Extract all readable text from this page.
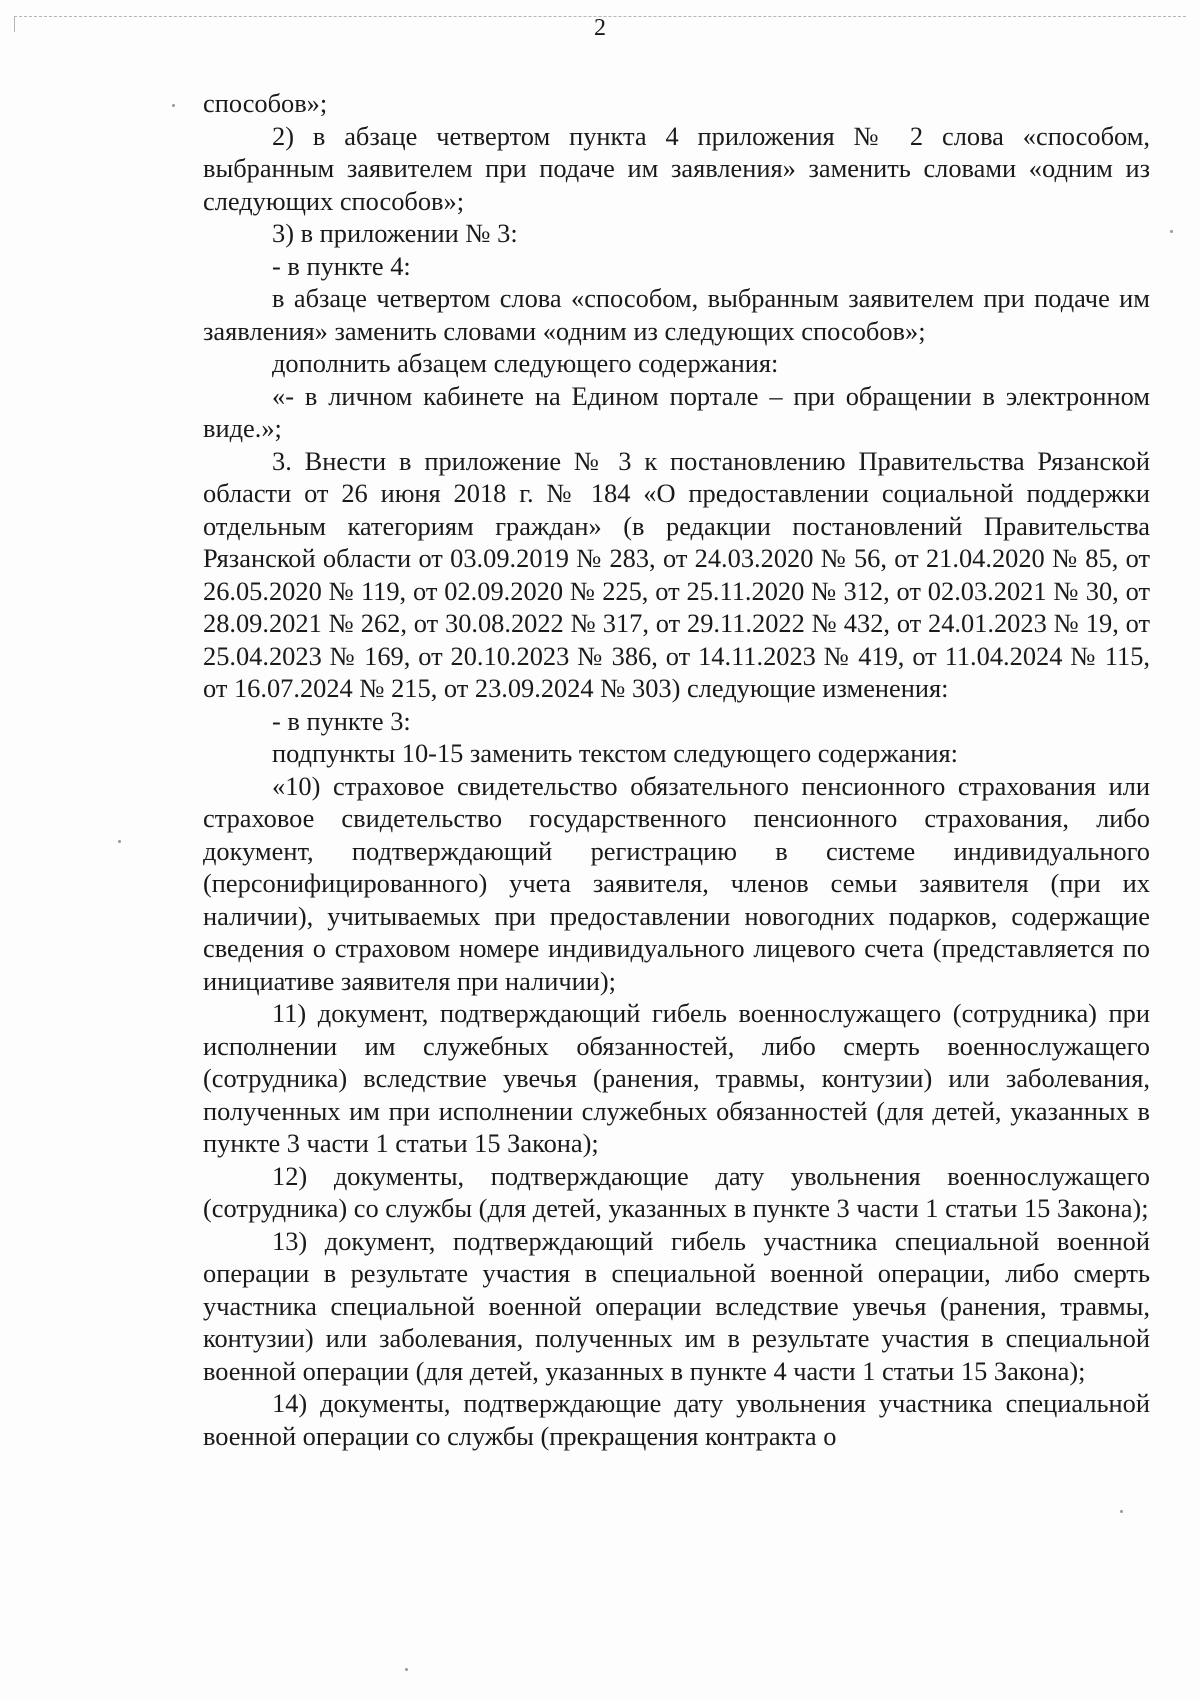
2

способов»;

2) в абзаце четвертом пункта 4 приложения № 2 слова «способом, выбранным заявителем при подаче им заявления» заменить словами «одним из следующих способов»;

3) в приложении № 3:

- в пункте 4:

в абзаце четвертом слова «способом, выбранным заявителем при подаче им заявления» заменить словами «одним из следующих способов»;

дополнить абзацем следующего содержания:

«- в личном кабинете на Едином портале – при обращении в электронном виде.»;

3. Внести в приложение № 3 к постановлению Правительства Рязанской области от 26 июня 2018 г. № 184 «О предоставлении социальной поддержки отдельным категориям граждан» (в редакции постановлений Правительства Рязанской области от 03.09.2019 № 283, от 24.03.2020 № 56, от 21.04.2020 № 85, от 26.05.2020 № 119, от 02.09.2020 № 225, от 25.11.2020 № 312, от 02.03.2021 № 30, от 28.09.2021 № 262, от 30.08.2022 № 317, от 29.11.2022 № 432, от 24.01.2023 № 19, от 25.04.2023 № 169, от 20.10.2023 № 386, от 14.11.2023 № 419, от 11.04.2024 № 115, от 16.07.2024 № 215, от 23.09.2024 № 303) следующие изменения:

- в пункте 3:

подпункты 10-15 заменить текстом следующего содержания:

«10) страховое свидетельство обязательного пенсионного страхования или страховое свидетельство государственного пенсионного страхования, либо документ, подтверждающий регистрацию в системе индивидуального (персонифицированного) учета заявителя, членов семьи заявителя (при их наличии), учитываемых при предоставлении новогодних подарков, содержащие сведения о страховом номере индивидуального лицевого счета (представляется по инициативе заявителя при наличии);

11) документ, подтверждающий гибель военнослужащего (сотрудника) при исполнении им служебных обязанностей, либо смерть военнослужащего (сотрудника) вследствие увечья (ранения, травмы, контузии) или заболевания, полученных им при исполнении служебных обязанностей (для детей, указанных в пункте 3 части 1 статьи 15 Закона);

12) документы, подтверждающие дату увольнения военнослужащего (сотрудника) со службы (для детей, указанных в пункте 3 части 1 статьи 15 Закона);

13) документ, подтверждающий гибель участника специальной военной операции в результате участия в специальной военной операции, либо смерть участника специальной военной операции вследствие увечья (ранения, травмы, контузии) или заболевания, полученных им в результате участия в специальной военной операции (для детей, указанных в пункте 4 части 1 статьи 15 Закона);

14) документы, подтверждающие дату увольнения участника специальной военной операции со службы (прекращения контракта о
